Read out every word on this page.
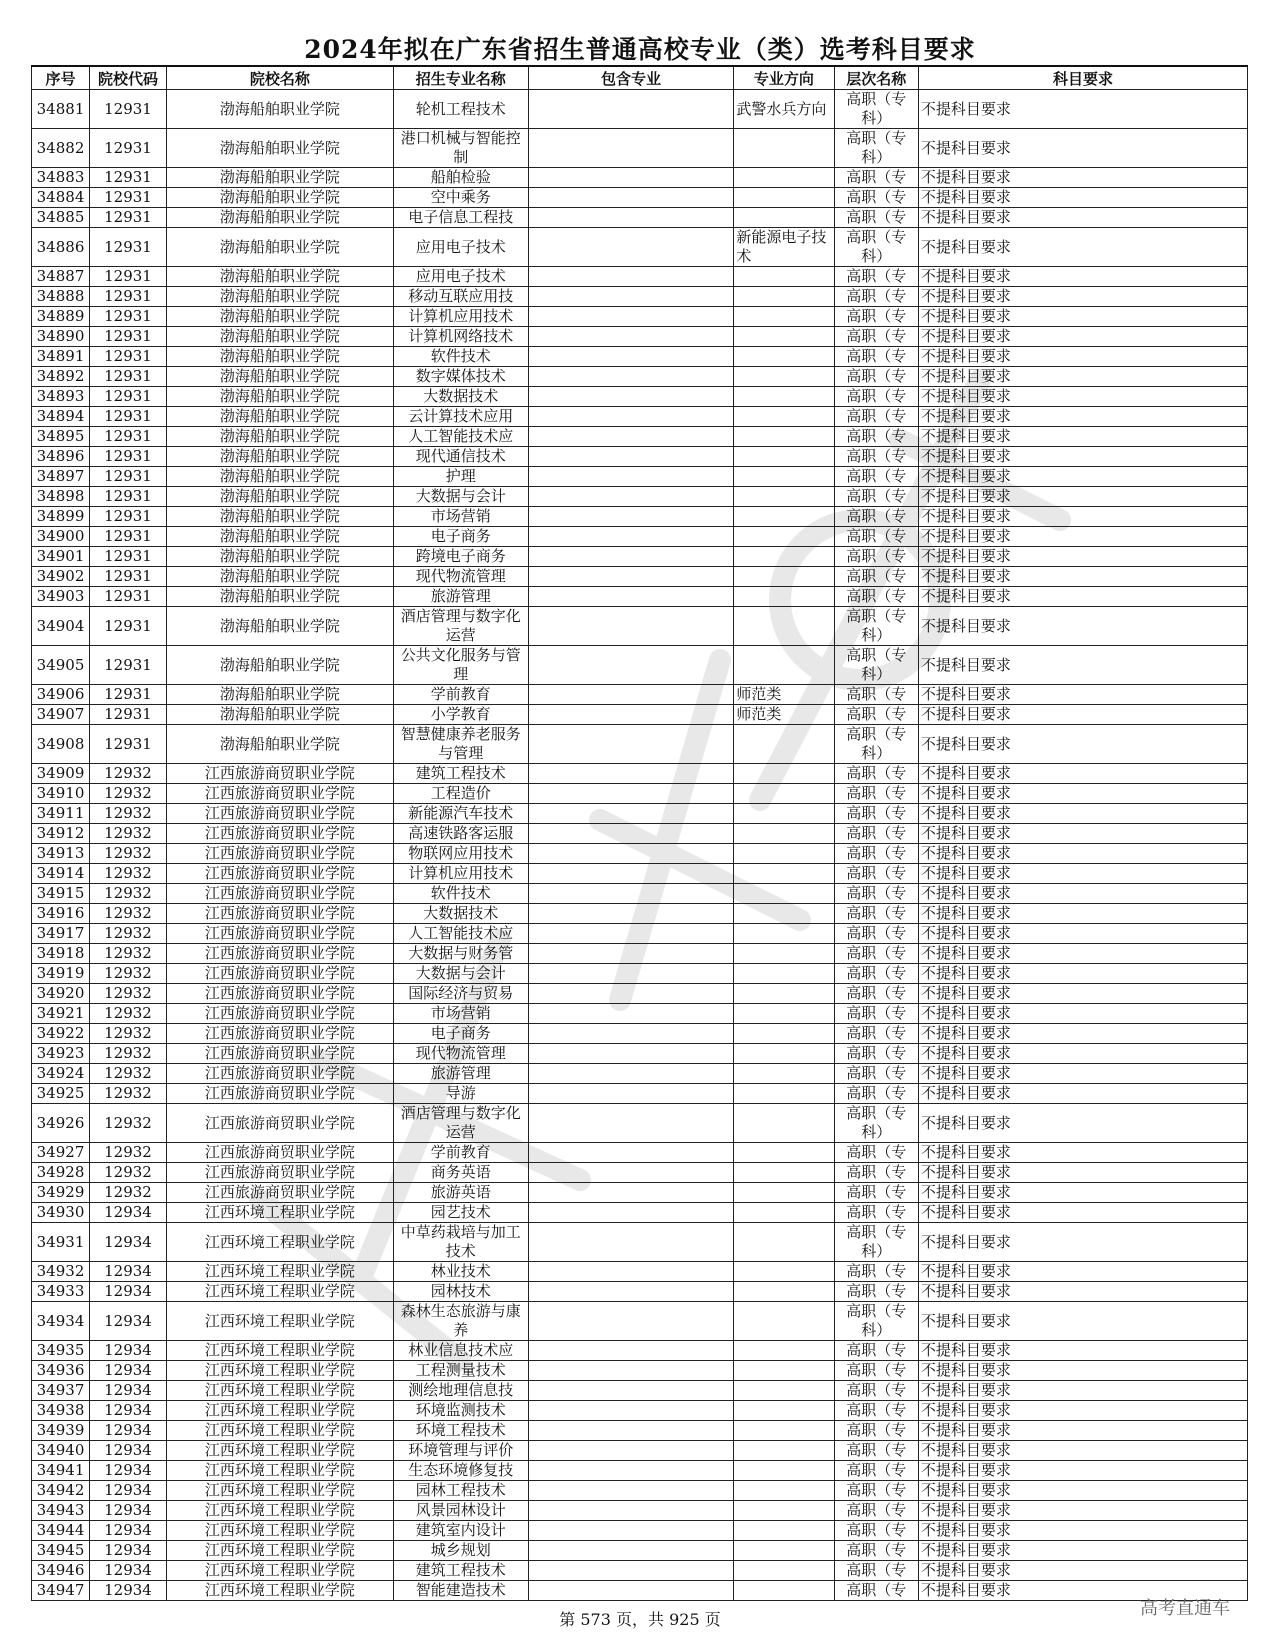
2024年拟在广东省招生普通高校专业（类）选考科目要求
序号	院校代码	院校名称	招生专业名称	包含专业	专业方向	层次名称	科目要求
34881	12931	渤海船舶职业学院	轮机工程技术		武警水兵方向	高职（专科）	不提科目要求
34882	12931	渤海船舶职业学院	港口机械与智能控制			高职（专科）	不提科目要求
34883	12931	渤海船舶职业学院	船舶检验			高职（专	不提科目要求
34884	12931	渤海船舶职业学院	空中乘务			高职（专	不提科目要求
34885	12931	渤海船舶职业学院	电子信息工程技			高职（专	不提科目要求
34886	12931	渤海船舶职业学院	应用电子技术		新能源电子技术	高职（专科）	不提科目要求
34887	12931	渤海船舶职业学院	应用电子技术			高职（专	不提科目要求
34888	12931	渤海船舶职业学院	移动互联应用技			高职（专	不提科目要求
34889	12931	渤海船舶职业学院	计算机应用技术			高职（专	不提科目要求
34890	12931	渤海船舶职业学院	计算机网络技术			高职（专	不提科目要求
34891	12931	渤海船舶职业学院	软件技术			高职（专	不提科目要求
34892	12931	渤海船舶职业学院	数字媒体技术			高职（专	不提科目要求
34893	12931	渤海船舶职业学院	大数据技术			高职（专	不提科目要求
34894	12931	渤海船舶职业学院	云计算技术应用			高职（专	不提科目要求
34895	12931	渤海船舶职业学院	人工智能技术应			高职（专	不提科目要求
34896	12931	渤海船舶职业学院	现代通信技术			高职（专	不提科目要求
34897	12931	渤海船舶职业学院	护理			高职（专	不提科目要求
34898	12931	渤海船舶职业学院	大数据与会计			高职（专	不提科目要求
34899	12931	渤海船舶职业学院	市场营销			高职（专	不提科目要求
34900	12931	渤海船舶职业学院	电子商务			高职（专	不提科目要求
34901	12931	渤海船舶职业学院	跨境电子商务			高职（专	不提科目要求
34902	12931	渤海船舶职业学院	现代物流管理			高职（专	不提科目要求
34903	12931	渤海船舶职业学院	旅游管理			高职（专	不提科目要求
34904	12931	渤海船舶职业学院	酒店管理与数字化运营			高职（专科）	不提科目要求
34905	12931	渤海船舶职业学院	公共文化服务与管理			高职（专科）	不提科目要求
34906	12931	渤海船舶职业学院	学前教育		师范类	高职（专	不提科目要求
34907	12931	渤海船舶职业学院	小学教育		师范类	高职（专	不提科目要求
34908	12931	渤海船舶职业学院	智慧健康养老服务与管理			高职（专科）	不提科目要求
34909	12932	江西旅游商贸职业学院	建筑工程技术			高职（专	不提科目要求
34910	12932	江西旅游商贸职业学院	工程造价			高职（专	不提科目要求
34911	12932	江西旅游商贸职业学院	新能源汽车技术			高职（专	不提科目要求
34912	12932	江西旅游商贸职业学院	高速铁路客运服			高职（专	不提科目要求
34913	12932	江西旅游商贸职业学院	物联网应用技术			高职（专	不提科目要求
34914	12932	江西旅游商贸职业学院	计算机应用技术			高职（专	不提科目要求
34915	12932	江西旅游商贸职业学院	软件技术			高职（专	不提科目要求
34916	12932	江西旅游商贸职业学院	大数据技术			高职（专	不提科目要求
34917	12932	江西旅游商贸职业学院	人工智能技术应			高职（专	不提科目要求
34918	12932	江西旅游商贸职业学院	大数据与财务管			高职（专	不提科目要求
34919	12932	江西旅游商贸职业学院	大数据与会计			高职（专	不提科目要求
34920	12932	江西旅游商贸职业学院	国际经济与贸易			高职（专	不提科目要求
34921	12932	江西旅游商贸职业学院	市场营销			高职（专	不提科目要求
34922	12932	江西旅游商贸职业学院	电子商务			高职（专	不提科目要求
34923	12932	江西旅游商贸职业学院	现代物流管理			高职（专	不提科目要求
34924	12932	江西旅游商贸职业学院	旅游管理			高职（专	不提科目要求
34925	12932	江西旅游商贸职业学院	导游			高职（专	不提科目要求
34926	12932	江西旅游商贸职业学院	酒店管理与数字化运营			高职（专科）	不提科目要求
34927	12932	江西旅游商贸职业学院	学前教育			高职（专	不提科目要求
34928	12932	江西旅游商贸职业学院	商务英语			高职（专	不提科目要求
34929	12932	江西旅游商贸职业学院	旅游英语			高职（专	不提科目要求
34930	12934	江西环境工程职业学院	园艺技术			高职（专	不提科目要求
34931	12934	江西环境工程职业学院	中草药栽培与加工技术			高职（专科）	不提科目要求
34932	12934	江西环境工程职业学院	林业技术			高职（专	不提科目要求
34933	12934	江西环境工程职业学院	园林技术			高职（专	不提科目要求
34934	12934	江西环境工程职业学院	森林生态旅游与康养			高职（专科）	不提科目要求
34935	12934	江西环境工程职业学院	林业信息技术应			高职（专	不提科目要求
34936	12934	江西环境工程职业学院	工程测量技术			高职（专	不提科目要求
34937	12934	江西环境工程职业学院	测绘地理信息技			高职（专	不提科目要求
34938	12934	江西环境工程职业学院	环境监测技术			高职（专	不提科目要求
34939	12934	江西环境工程职业学院	环境工程技术			高职（专	不提科目要求
34940	12934	江西环境工程职业学院	环境管理与评价			高职（专	不提科目要求
34941	12934	江西环境工程职业学院	生态环境修复技			高职（专	不提科目要求
34942	12934	江西环境工程职业学院	园林工程技术			高职（专	不提科目要求
34943	12934	江西环境工程职业学院	风景园林设计			高职（专	不提科目要求
34944	12934	江西环境工程职业学院	建筑室内设计			高职（专	不提科目要求
34945	12934	江西环境工程职业学院	城乡规划			高职（专	不提科目要求
34946	12934	江西环境工程职业学院	建筑工程技术			高职（专	不提科目要求
34947	12934	江西环境工程职业学院	智能建造技术			高职（专	不提科目要求
第 573 页，共 925 页
高考直通车
